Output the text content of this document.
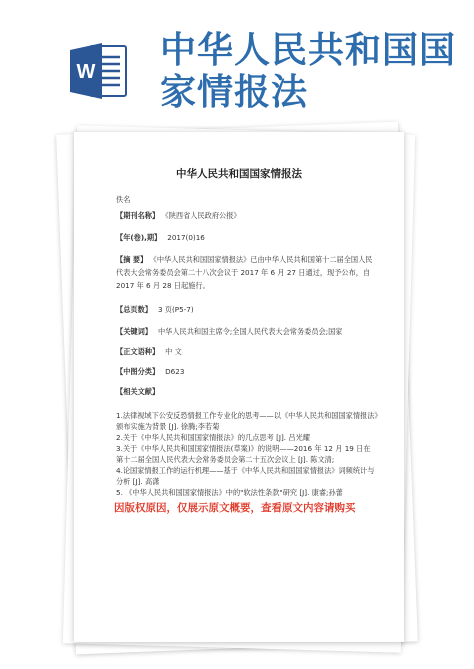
W
中华人民共和国国家情报法
中华人民共和国国家情报法
佚名
【期刊名称】 《陕西省人民政府公报》
【年(卷),期】 2017(0)16
【摘 要】 《中华人民共和国国家情报法》已由中华人民共和国第十二届全国人民
代表大会常务委员会第二十八次会议于 2017 年 6 月 27 日通过，现予公布，自
2017 年 6 月 28 日起施行。
【总页数】 3 页(P5-7)
【关键词】 中华人民共和国主席令;全国人民代表大会常务委员会;国家
【正文语种】 中 文
【中图分类】 D623
【相关文献】
1.法律视域下公安反恐情报工作专业化的思考——以《中华人民共和国国家情报法》
颁布实施为背景 [J]. 徐腾;李若菊
2.关于《中华人民共和国国家情报法》的几点思考 [J]. 吕光耀
3.关于《中华人民共和国国家情报法(草案)》的说明——2016 年 12 月 19 日在
第十二届全国人民代表大会常务委员会第二十五次会议上 [J]. 陈文清;
4.论国家情报工作的运行机理——基于《中华人民共和国国家情报法》词频统计与
分析 [J]. 高潇
5. 《中华人民共和国国家情报法》中的"软法性条款"研究 [J]. 康睿;孙蕾
因版权原因，仅展示原文概要，查看原文内容请购买
